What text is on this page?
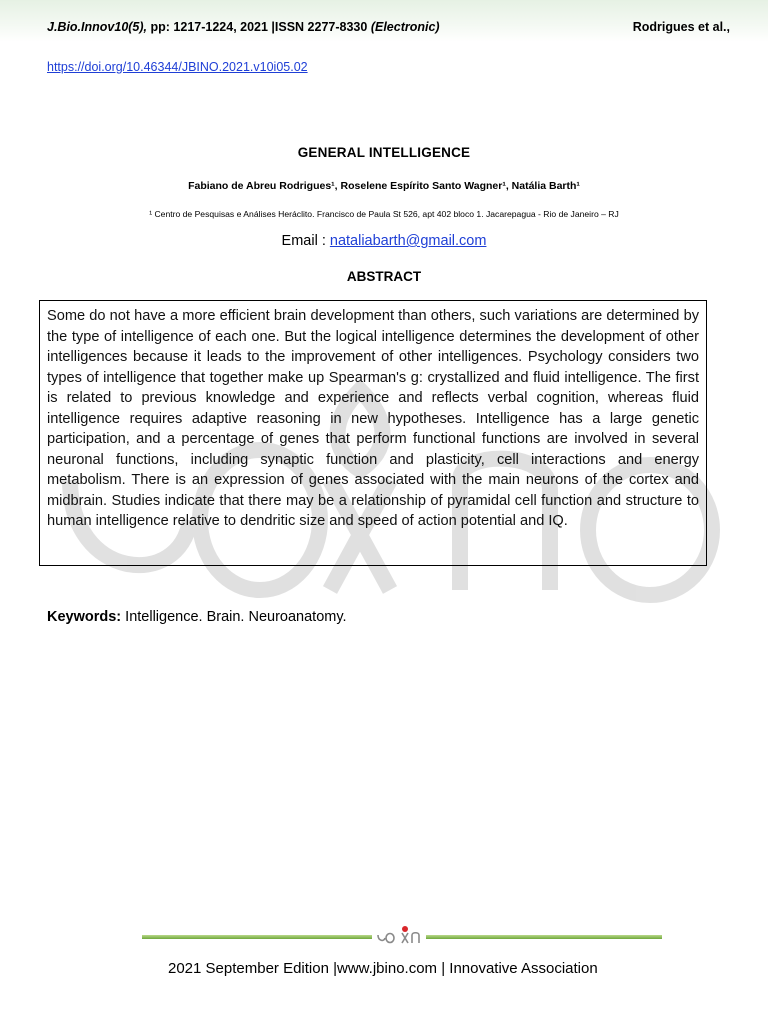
J.Bio.Innov10(5), pp: 1217-1224, 2021 |ISSN 2277-8330 (Electronic)	Rodrigues et al.,
https://doi.org/10.46344/JBINO.2021.v10i05.02
GENERAL INTELLIGENCE
Fabiano de Abreu Rodrigues¹, Roselene Espírito Santo Wagner¹, Natália Barth¹
¹ Centro de Pesquisas e Análises Heráclito. Francisco de Paula St 526, apt 402 bloco 1. Jacarepagua - Rio de Janeiro – RJ
Email : nataliabarth@gmail.com
ABSTRACT

Some do not have a more efficient brain development than others, such variations are determined by the type of intelligence of each one. But the logical intelligence determines the development of other intelligences because it leads to the improvement of other intelligences. Psychology considers two types of intelligence that together make up Spearman's g: crystallized and fluid intelligence. The first is related to previous knowledge and experience and reflects verbal cognition, whereas fluid intelligence requires adaptive reasoning in new hypotheses. Intelligence has a large genetic participation, and a percentage of genes that perform functional functions are involved in several neuronal functions, including synaptic function and plasticity, cell interactions and energy metabolism. There is an expression of genes associated with the main neurons of the cortex and midbrain. Studies indicate that there may be a relationship of pyramidal cell function and structure to human intelligence relative to dendritic size and speed of action potential and IQ.

Keywords: Intelligence. Brain. Neuroanatomy.
2021 September Edition |www.jbino.com | Innovative Association
